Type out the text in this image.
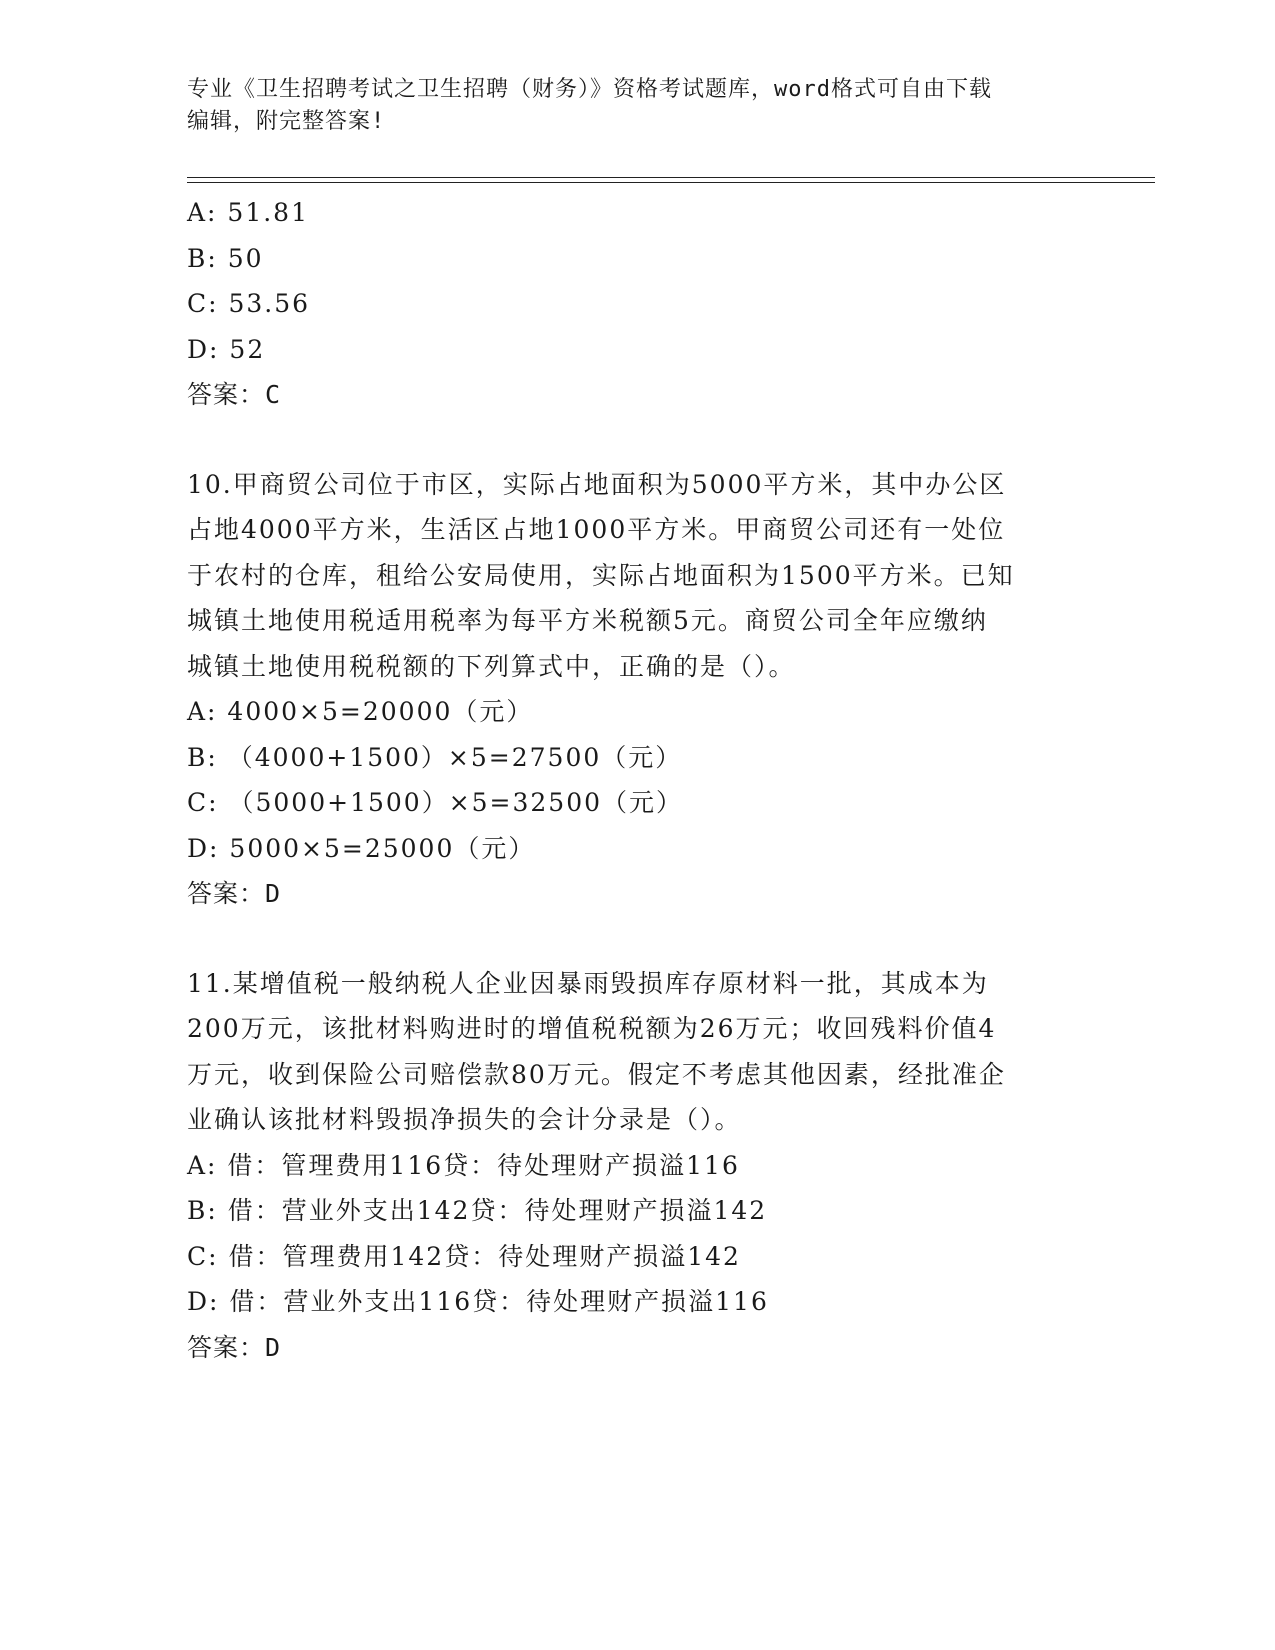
专业《卫生招聘考试之卫生招聘（财务）》资格考试题库，word格式可自由下载
编辑，附完整答案!
A: 51.81
B: 50
C: 53.56
D: 52
答案：C
10.甲商贸公司位于市区，实际占地面积为5000平方米，其中办公区
占地4000平方米，生活区占地1000平方米。甲商贸公司还有一处位
于农村的仓库，租给公安局使用，实际占地面积为1500平方米。已知
城镇土地使用税适用税率为每平方米税额5元。商贸公司全年应缴纳
城镇土地使用税税额的下列算式中，正确的是（）。
A: 4000×5=20000（元）
B: （4000+1500）×5=27500（元）
C: （5000+1500）×5=32500（元）
D: 5000×5=25000（元）
答案：D
11.某增值税一般纳税人企业因暴雨毁损库存原材料一批，其成本为
200万元，该批材料购进时的增值税税额为26万元；收回残料价值4
万元，收到保险公司赔偿款80万元。假定不考虑其他因素，经批准企
业确认该批材料毁损净损失的会计分录是（）。
A: 借：管理费用116贷：待处理财产损溢116
B: 借：营业外支出142贷：待处理财产损溢142
C: 借：管理费用142贷：待处理财产损溢142
D: 借：营业外支出116贷：待处理财产损溢116
答案：D
